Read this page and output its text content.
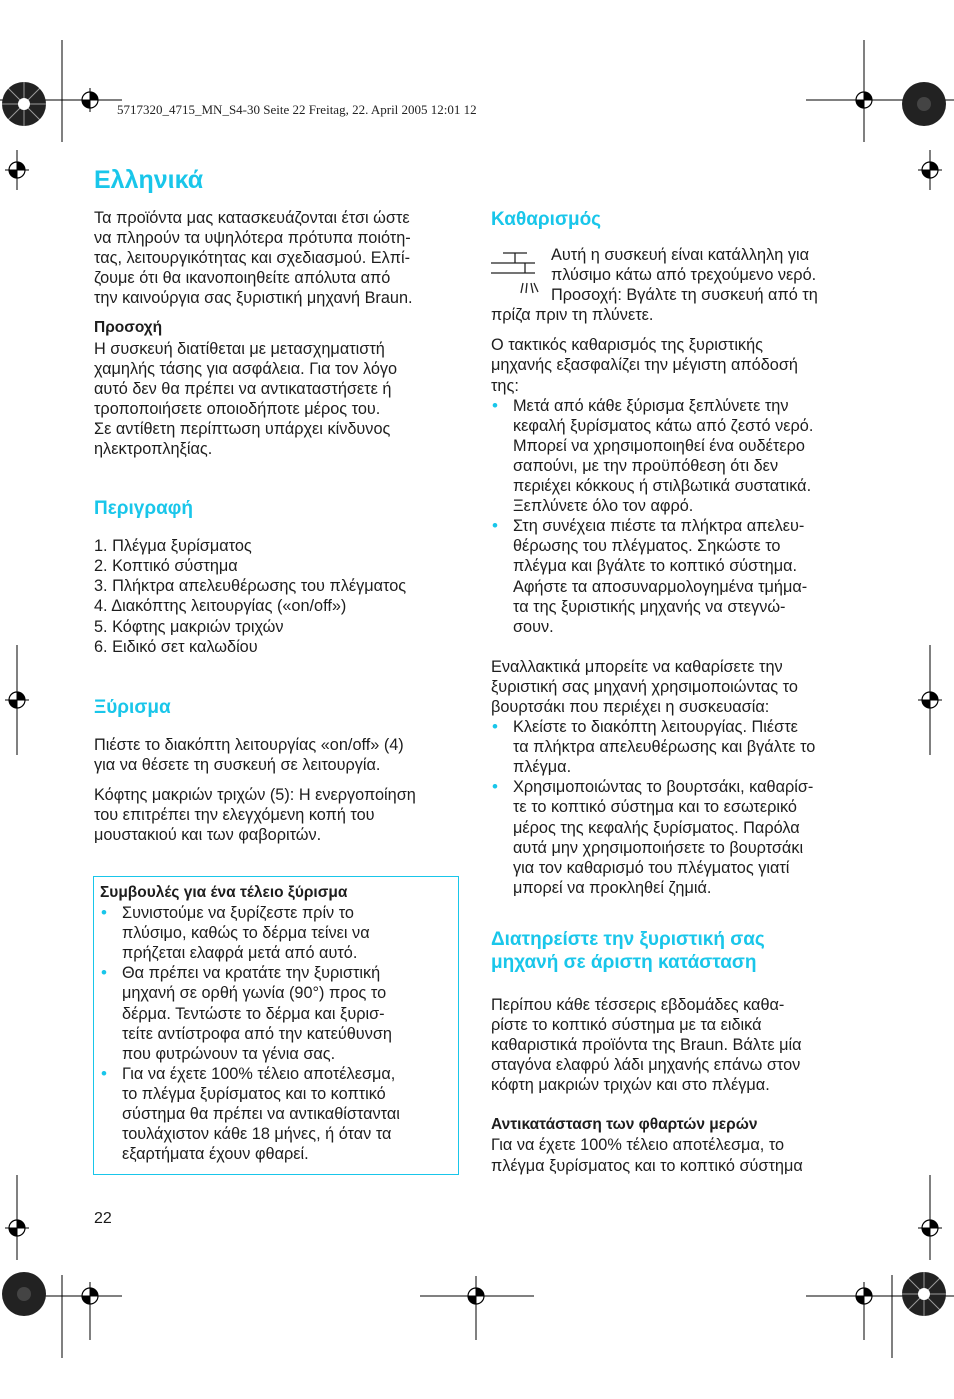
5717320_4715_MN_S4-30 Seite 22 Freitag, 22. April 2005 12:01 12
Ελληνικά

Τα προϊόντα μας κατασκευάζονται έτσι ώστε

να πληρούν τα υψηλότερα πρότυπα ποιότη-

τας, λειτουργικότητας και σχεδιασμού. Ελπί-

ζουμε ότι θα ικανοποιηθείτε απόλυτα από

την καινούργια σας ξυριστική μηχανή Braun.

Προσοχή

Η συσκευή διατίθεται με μετασχηματιστή

χαμηλής τάσης για ασφάλεια. Για τον λόγο

αυτό δεν θα πρέπει να αντικαταστήσετε ή

τροποποιήσετε οποιοδήποτε μέρος του.

Σε αντίθετη περίπτωση υπάρχει κίνδυνος

ηλεκτροπληξίας.

Περιγραφή

1. Πλέγμα ξυρίσματος

2. Κοπτικό σύστημα

3. Πλήκτρα απελευθέρωσης του πλέγματος

4. Διακόπτης λειτουργίας («on/off»)

5. Κόφτης μακριών τριχών

6. Ειδικό σετ καλωδίου

Ξύρισμα

Πιέστε το διακόπτη λειτουργίας «on/off» (4)

για να θέσετε τη συσκευή σε λειτουργία.

Κόφτης μακριών τριχών (5): Η ενεργοποίηση

του επιτρέπει την ελεγχόμενη κοπή του

μουστακιού και των φαβοριτών.

Συμβουλές για ένα τέλειο ξύρισμα

• Συνιστούμε να ξυρίζεστε πρίν το

πλύσιμο, καθώς το δέρμα τείνει να

πρήζεται ελαφρά μετά από αυτό.

• Θα πρέπει να κρατάτε την ξυριστική

μηχανή σε ορθή γωνία (90°) προς το

δέρμα. Τεντώστε το δέρμα και ξυρισ-

τείτε αντίστροφα από την κατεύθυνση

που φυτρώνουν τα γένια σας.

• Για να έχετε 100% τέλειο αποτέλεσμα,

το πλέγμα ξυρίσματος και το κοπτικό

σύστημα θα πρέπει να αντικαθίστανται

τουλάχιστον κάθε 18 μήνες, ή όταν τα

εξαρτήματα έχουν φθαρεί.

Καθαρισμός

Αυτή η συσκευή είναι κατάλληλη για

πλύσιμο κάτω από τρεχούμενο νερό.

Προσοχή: Βγάλτε τη συσκευή από τη

πρίζα πριν τη πλύνετε.

Ο τακτικός καθαρισμός της ξυριστικής

μηχανής εξασφαλίζει την μέγιστη απόδοσή

της:

• Μετά από κάθε ξύρισμα ξεπλύνετε την

κεφαλή ξυρίσματος κάτω από ζεστό νερό.

Μπορεί να χρησιμοποιηθεί ένα ουδέτερο

σαπούνι, με την προϋπόθεση ότι δεν

περιέχει κόκκους ή στιλβωτικά συστατικά.

Ξεπλύνετε όλο τον αφρό.

• Στη συνέχεια πιέστε τα πλήκτρα απελευ-

θέρωσης του πλέγματος. Σηκώστε το

πλέγμα και βγάλτε το κοπτικό σύστημα.

Αφήστε τα αποσυναρμολογημένα τμήμα-

τα της ξυριστικής μηχανής να στεγνώ-

σουν.

Εναλλακτικά μπορείτε να καθαρίσετε την

ξυριστική σας μηχανή χρησιμοποιώντας το

βουρτσάκι που περιέχει η συσκευασία:

• Κλείστε το διακόπτη λειτουργίας. Πιέστε

τα πλήκτρα απελευθέρωσης και βγάλτε το

πλέγμα.

• Χρησιμοποιώντας το βουρτσάκι, καθαρίσ-

τε το κοπτικό σύστημα και το εσωτερικό

μέρος της κεφαλής ξυρίσματος. Παρόλα

αυτά μην χρησιμοποιήσετε το βουρτσάκι

για τον καθαρισμό του πλέγματος γιατί

μπορεί να προκληθεί ζημιά.

Διατηρείστε την ξυριστική σας

μηχανή σε άριστη κατάσταση

Περίπου κάθε τέσσερις εβδομάδες καθα-

ρίστε το κοπτικό σύστημα με τα ειδικά

καθαριστικά προϊόντα της Braun. Βάλτε μία

σταγόνα ελαφρύ λάδι μηχανής επάνω στον

κόφτη μακριών τριχών και στο πλέγμα.

Αντικατάσταση των φθαρτών μερών

Για να έχετε 100% τέλειο αποτέλεσμα, το

πλέγμα ξυρίσματος και το κοπτικό σύστημα

22
